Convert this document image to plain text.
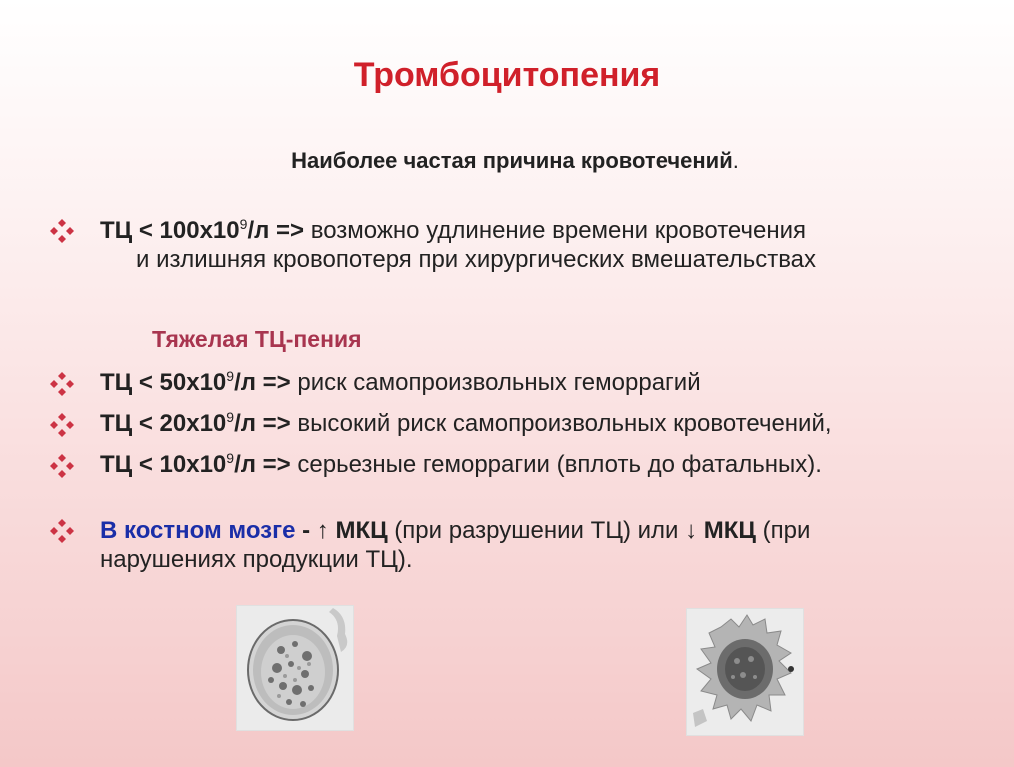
Тромбоцитопения
Наиболее частая причина кровотечений.
ТЦ < $100х10^9/л$ => возможно удлинение времени кровотечения
и излишняя кровопотеря при хирургических вмешательствах
Тяжелая ТЦ-пения
ТЦ < $50х10^9/л$ => риск самопроизвольных геморрагий
ТЦ < $20х10^9/л$ => высокий риск самопроизвольных кровотечений,
ТЦ < $10х10^9/л$ => серьезные геморрагии (вплоть до фатальных).
В костном мозге - ↑ МКЦ (при разрушении ТЦ) или ↓ МКЦ (при
нарушениях продукции ТЦ).
